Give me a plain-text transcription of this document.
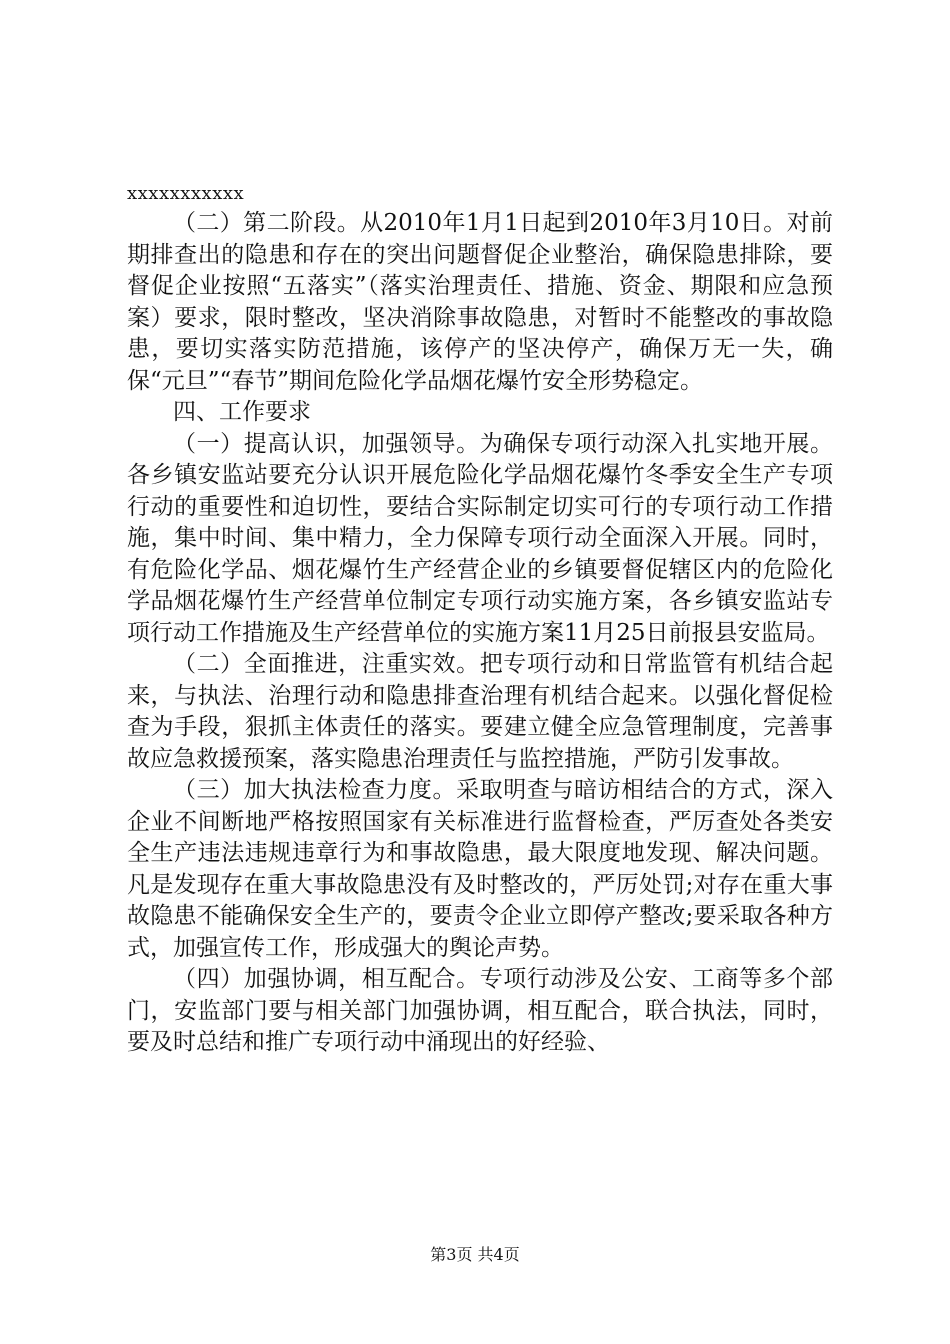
xxxxxxxxxxx

（二）第二阶段。从2010年1月1日起到2010年3月10日。对前期排查出的隐患和存在的突出问题督促企业整治，确保隐患排除，要督促企业按照“五落实”（落实治理责任、措施、资金、期限和应急预案）要求，限时整改，坚决消除事故隐患，对暂时不能整改的事故隐患，要切实落实防范措施，该停产的坚决停产，确保万无一失，确保“元旦”“春节”期间危险化学品烟花爆竹安全形势稳定。

四、工作要求

（一）提高认识，加强领导。为确保专项行动深入扎实地开展。各乡镇安监站要充分认识开展危险化学品烟花爆竹冬季安全生产专项行动的重要性和迫切性，要结合实际制定切实可行的专项行动工作措施，集中时间、集中精力，全力保障专项行动全面深入开展。同时，有危险化学品、烟花爆竹生产经营企业的乡镇要督促辖区内的危险化学品烟花爆竹生产经营单位制定专项行动实施方案，各乡镇安监站专项行动工作措施及生产经营单位的实施方案11月25日前报县安监局。

（二）全面推进，注重实效。把专项行动和日常监管有机结合起来，与执法、治理行动和隐患排查治理有机结合起来。以强化督促检查为手段，狠抓主体责任的落实。要建立健全应急管理制度，完善事故应急救援预案，落实隐患治理责任与监控措施，严防引发事故。

（三）加大执法检查力度。采取明查与暗访相结合的方式，深入企业不间断地严格按照国家有关标准进行监督检查，严厉查处各类安全生产违法违规违章行为和事故隐患，最大限度地发现、解决问题。凡是发现存在重大事故隐患没有及时整改的，严厉处罚;对存在重大事故隐患不能确保安全生产的，要责令企业立即停产整改;要采取各种方式，加强宣传工作，形成强大的舆论声势。

（四）加强协调，相互配合。专项行动涉及公安、工商等多个部门，安监部门要与相关部门加强协调，相互配合，联合执法，同时，要及时总结和推广专项行动中涌现出的好经验、

第3页 共4页
